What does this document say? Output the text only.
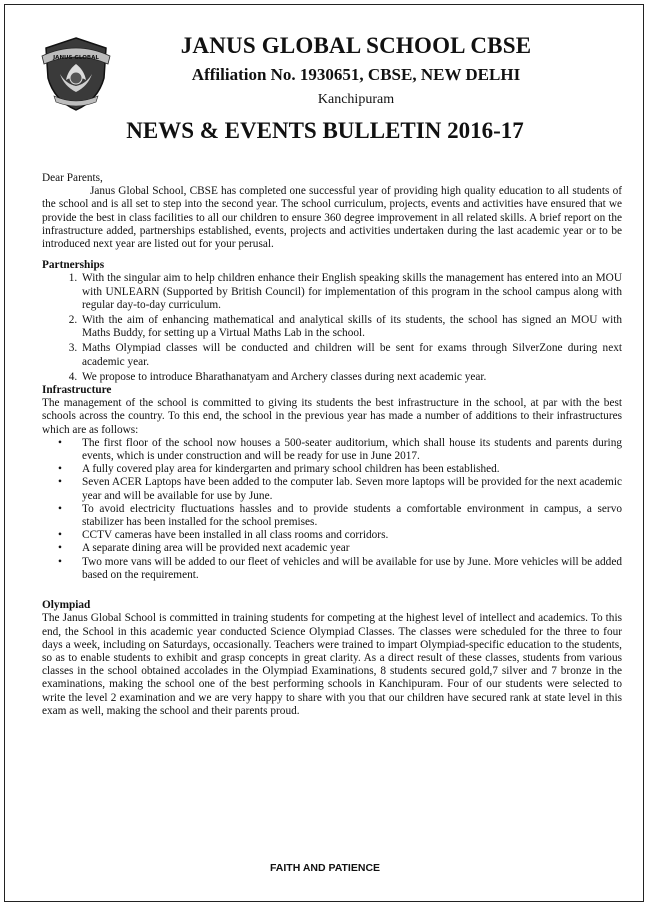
JANUS GLOBAL	JANUS GLOBAL SCHOOL CBSE
Affiliation No. 1930651, CBSE, NEW DELHI
Kanchipuram
NEWS & EVENTS BULLETIN 2016-17

Dear Parents,

Janus Global School, CBSE has completed one successful year of providing high quality education to all students of the school and is all set to step into the second year. The school curriculum, projects, events and activities have ensured that we provide the best in class facilities to all our children to ensure 360 degree improvement in all related skills. A brief report on the infrastructure added, partnerships established, events, projects and activities undertaken during the last academic year or to be introduced next year are listed out for your perusal.

Partnerships
1. With the singular aim to help children enhance their English speaking skills the management has entered into an MOU with UNLEARN (Supported by British Council) for implementation of this program in the school campus along with regular day-to-day curriculum.
2. With the aim of enhancing mathematical and analytical skills of its students, the school has signed an MOU with Maths Buddy, for setting up a Virtual Maths Lab in the school.
3. Maths Olympiad classes will be conducted and children will be sent for exams through SilverZone during next academic year.
4. We propose to introduce Bharathanatyam and Archery classes during next academic year.
Infrastructure

The management of the school is committed to giving its students the best infrastructure in the school, at par with the best schools across the country. To this end, the school in the previous year has made a number of additions to their infrastructures which are as follows:

• The first floor of the school now houses a 500-seater auditorium, which shall house its students and parents during events, which is under construction and will be ready for use in June 2017.
• A fully covered play area for kindergarten and primary school children has been established.
• Seven ACER Laptops have been added to the computer lab. Seven more laptops will be provided for the next academic year and will be available for use by June.
• To avoid electricity fluctuations hassles and to provide students a comfortable environment in campus, a servo stabilizer has been installed for the school premises.
• CCTV cameras have been installed in all class rooms and corridors.
• A separate dining area will be provided next academic year
• Two more vans will be added to our fleet of vehicles and will be available for use by June. More vehicles will be added based on the requirement.
Olympiad

The Janus Global School is committed in training students for competing at the highest level of intellect and academics. To this end, the School in this academic year conducted Science Olympiad Classes. The classes were scheduled for the three to four days a week, including on Saturdays, occasionally. Teachers were trained to impart Olympiad-specific education to the students, so as to enable students to exhibit and grasp concepts in great clarity. As a direct result of these classes, students from various classes in the school obtained accolades in the Olympiad Examinations, 8 students secured gold,7 silver and 7 bronze in the examinations, making the school one of the best performing schools in Kanchipuram. Four of our students were selected to write the level 2 examination and we are very happy to share with you that our children have secured rank at state level in this exam as well, making the school and their parents proud.

FAITH AND PATIENCE
